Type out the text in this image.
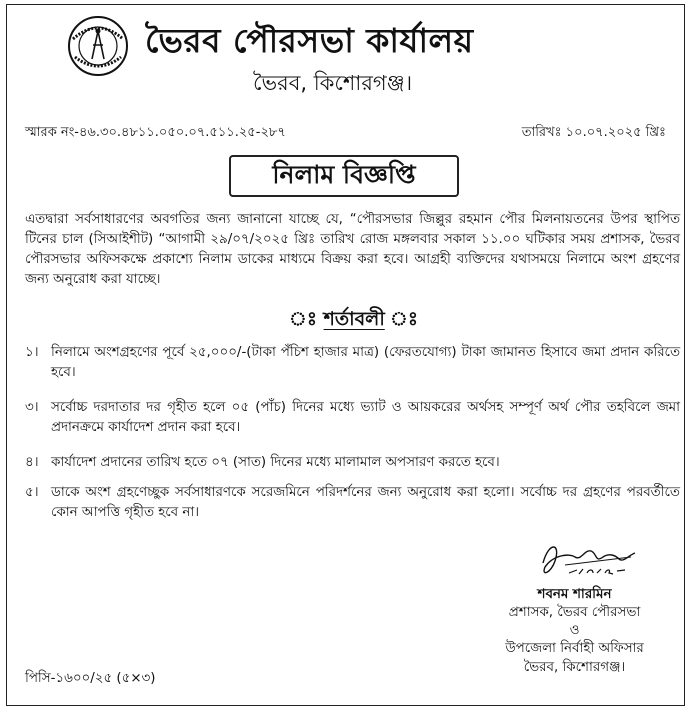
ভৈরব পৌরসভা কার্যালয়
ভৈরব, কিশোরগঞ্জ।
স্মারক নং-৪৬.৩০.৪৮১১.০৫০.০৭.৫১১.২৫-২৮৭	তারিখঃ ১০.০৭.২০২৫ খ্রিঃ
নিলাম বিজ্ঞপ্তি
এতদ্বারা সর্বসাধারণের অবগতির জন্য জানানো যাচ্ছে যে, “পৌরসভার জিল্লুর রহমান পৌর মিলনায়তনের উপর স্থাপিত টিনের চাল (সিআইশীট) “আগামী ২৯/০৭/২০২৫ খ্রিঃ তারিখ রোজ মঙ্গলবার সকাল ১১.০০ ঘটিকার সময় প্রশাসক, ভৈরব পৌরসভার অফিসকক্ষে প্রকাশ্যে নিলাম ডাকের মাধ্যমে বিক্রয় করা হবে। আগ্রহী ব্যক্তিদের যথাসময়ে নিলামে অংশ গ্রহণের জন্য অনুরোধ করা যাচ্ছে।
ঃ শর্তাবলী ঃ
১। নিলামে অংশগ্রহণের পূর্বে ২৫,০০০/-(টাকা পঁচিশ হাজার মাত্র) (ফেরতযোগ্য) টাকা জামানত হিসাবে জমা প্রদান করিতে হবে।
৩। সর্বোচ্চ দরদাতার দর গৃহীত হলে ০৫ (পাঁচ) দিনের মধ্যে ভ্যাট ও আয়করের অর্থসহ সম্পূর্ণ অর্থ পৌর তহবিলে জমা প্রদানক্রমে কার্যাদেশ প্রদান করা হবে।
৪। কার্যাদেশ প্রদানের তারিখ হতে ০৭ (সাত) দিনের মধ্যে মালামাল অপসারণ করতে হবে।
৫। ডাকে অংশ গ্রহণেচ্ছুক সর্বসাধারণকে সরেজমিনে পরিদর্শনের জন্য অনুরোধ করা হলো। সর্বোচ্চ দর গ্রহণের পরবর্তীতে কোন আপত্তি গৃহীত হবে না।
শবনম শারমিন
প্রশাসক, ভৈরব পৌরসভা
ও
উপজেলা নির্বাহী অফিসার
ভৈরব, কিশোরগঞ্জ।
পিসি-১৬০০/২৫ (৫×৩)
